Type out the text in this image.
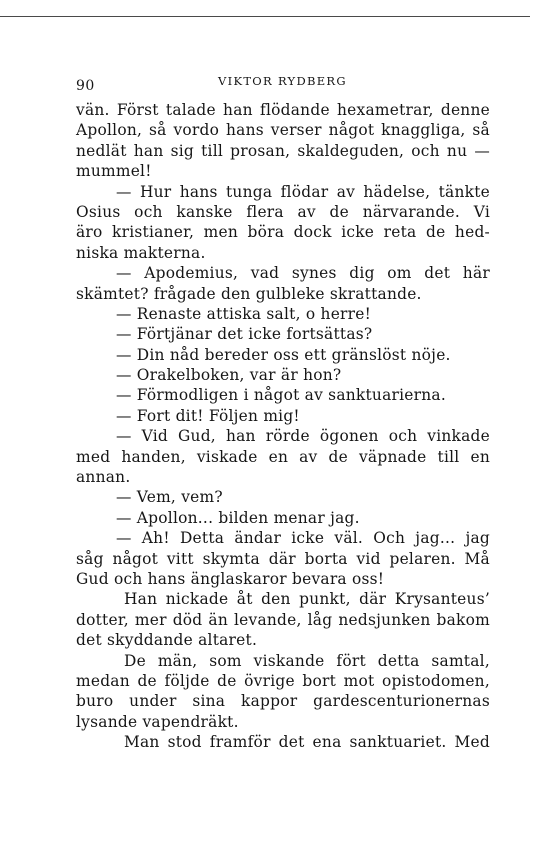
90	VIKTOR RYDBERG
vän. Först talade han flödande hexametrar, denne
Apollon, så vordo hans verser något knaggliga, så
nedlät han sig till prosan, skaldeguden, och nu —
mummel!
— Hur hans tunga flödar av hädelse, tänkte
Osius och kanske flera av de närvarande. Vi
äro kristianer, men böra dock icke reta de hed-
niska makterna.
— Apodemius, vad synes dig om det här
skämtet? frågade den gulbleke skrattande.
— Renaste attiska salt, o herre!
— Förtjänar det icke fortsättas?
— Din nåd bereder oss ett gränslöst nöje.
— Orakelboken, var är hon?
— Förmodligen i något av sanktuarierna.
— Fort dit! Följen mig!
— Vid Gud, han rörde ögonen och vinkade
med handen, viskade en av de väpnade till en
annan.
— Vem, vem?
— Apollon... bilden menar jag.
— Ah! Detta ändar icke väl. Och jag... jag
såg något vitt skymta där borta vid pelaren. Må
Gud och hans änglaskaror bevara oss!
Han nickade åt den punkt, där Krysanteus’
dotter, mer död än levande, låg nedsjunken bakom
det skyddande altaret.
De män, som viskande fört detta samtal,
medan de följde de övrige bort mot opistodomen,
buro under sina kappor gardescenturionernas
lysande vapendräkt.
Man stod framför det ena sanktuariet. Med
